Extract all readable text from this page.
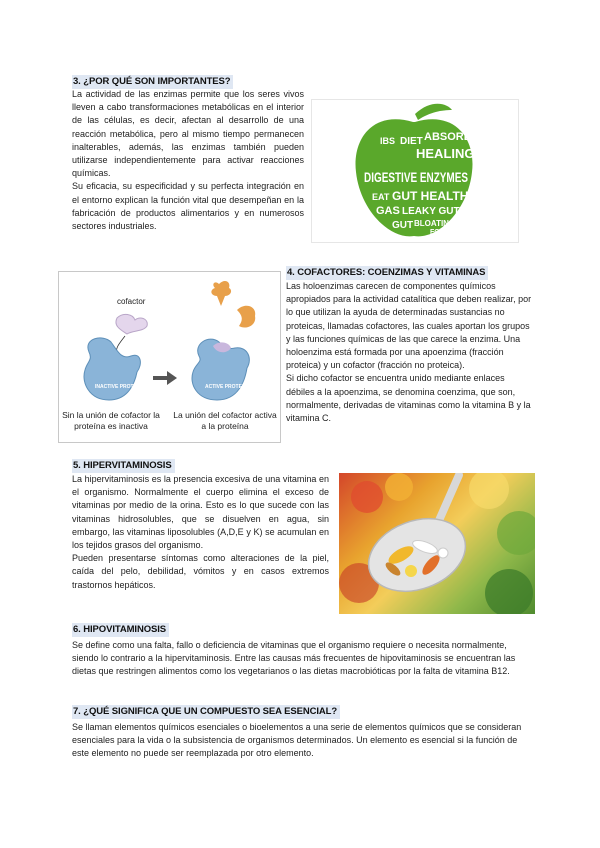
3. ¿POR QUÉ SON IMPORTANTES?

La actividad de las enzimas permite que los seres vivos lleven a cabo transformaciones metabólicas en el interior de las células, es decir, afectan al desarrollo de una reacción metabólica, pero al mismo tiempo permanecen inalterables, además, las enzimas también pueden utilizarse independientemente para activar reacciones químicas.

Su eficacia, su especificidad y su perfecta integración en el entorno explican la función vital que desempeñan en la fabricación de productos alimentarios y en numerosos sectores industriales.

IBS DIET ABSORB
HEALING
DIGESTIVE ENZYMES
EAT GUT HEALTH
GAS LEAKY GUT
GUT BLOATING
FOOD
cofactor
INACTIVE PROTEIN	ACTIVE PROTEIN
Sin la unión de cofactor la proteína es inactiva
La unión del cofactor activa a la proteína
4. COFACTORES: COENZIMAS Y VITAMINAS

Las holoenzimas carecen de componentes químicos apropiados para la actividad catalítica que deben realizar, por lo que utilizan la ayuda de determinadas sustancias no proteicas, llamadas cofactores, las cuales aportan los grupos y las funciones químicas de las que carece la enzima. Una holoenzima está formada por una apoenzima (fracción proteica) y un cofactor (fracción no proteica).

Si dicho cofactor se encuentra unido mediante enlaces débiles a la apoenzima, se denomina coenzima, que son, normalmente, derivadas de vitaminas como la vitamina B y la vitamina C.

5. HIPERVITAMINOSIS

La hipervitaminosis es la presencia excesiva de una vitamina en el organismo. Normalmente el cuerpo elimina el exceso de vitaminas por medio de la orina. Esto es lo que sucede con las vitaminas hidrosolubles, que se disuelven en agua, sin embargo, las vitaminas liposolubles (A,D,E y K) se acumulan en los tejidos grasos del organismo.

Pueden presentarse síntomas como alteraciones de la piel, caída del pelo, debilidad, vómitos y en casos extremos trastornos hepáticos.

6. HIPOVITAMINOSIS

Se define como una falta, fallo o deficiencia de vitaminas que el organismo requiere o necesita normalmente, siendo lo contrario a la hipervitaminosis. Entre las causas más frecuentes de hipovitaminosis se encuentran las dietas que restringen alimentos como los vegetarianos o las dietas macrobióticas por la falta de vitamina B12.

7. ¿QUÉ SIGNIFICA QUE UN COMPUESTO SEA ESENCIAL?

Se llaman elementos químicos esenciales o bioelementos a una serie de elementos químicos que se consideran esenciales para la vida o la subsistencia de organismos determinados. Un elemento es esencial si la función de este elemento no puede ser reemplazada por otro elemento.
